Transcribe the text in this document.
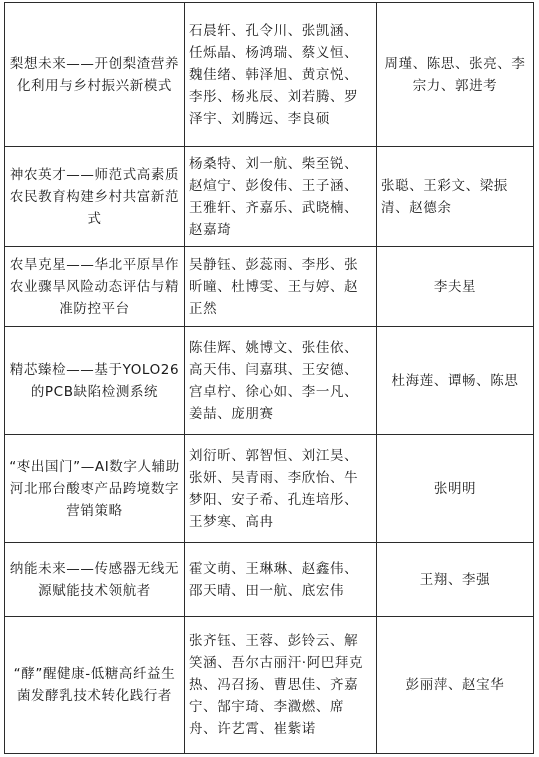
梨想未来——开创梨渣营养化利用与乡村振兴新模式	石晨轩、孔令川、张凯涵、任烁晶、杨鸿瑞、蔡义恒、魏佳绪、韩泽旭、黄京悦、李彤、杨兆辰、刘若腾、罗泽宇、刘腾远、李良硕	周瑾、陈思、张亮、李宗力、郭进考
神农英才——师范式高素质农民教育构建乡村共富新范式	杨桑特、刘一航、柴至锐、赵煊宁、彭俊伟、王子涵、王雅轩、齐嘉乐、武晓楠、赵嘉琦	张聪、王彩文、梁振清、赵德余
农旱克星——华北平原旱作农业骤旱风险动态评估与精准防控平台	吴静钰、彭蕊雨、李彤、张昕曈、杜博雯、王与婷、赵正然	李夫星
精芯臻检——基于YOLO26的PCB缺陷检测系统	陈佳辉、姚博文、张佳依、高天伟、闫嘉琪、王安德、宫卓柠、徐心如、李一凡、姜喆、庞朋赛	杜海莲、谭畅、陈思
“枣出国门”—AI数字人辅助河北邢台酸枣产品跨境数字营销策略	刘衍昕、郭智恒、刘江昊、张妍、吴青雨、李欣怡、牛梦阳、安子希、孔连培彤、王梦寒、高冉	张明明
纳能未来——传感器无线无源赋能技术领航者	霍文萌、王琳琳、赵鑫伟、邵天晴、田一航、底宏伟	王翔、李强
“酵”醒健康-低糖高纤益生菌发酵乳技术转化践行者	张齐钰、王蓉、彭铃云、解笑涵、吾尔古丽汗·阿巴拜克热、冯召扬、曹思佳、齐嘉宁、郜宇琦、李瀓燃、席舟、许艺霄、崔紫诺	彭丽萍、赵宝华
